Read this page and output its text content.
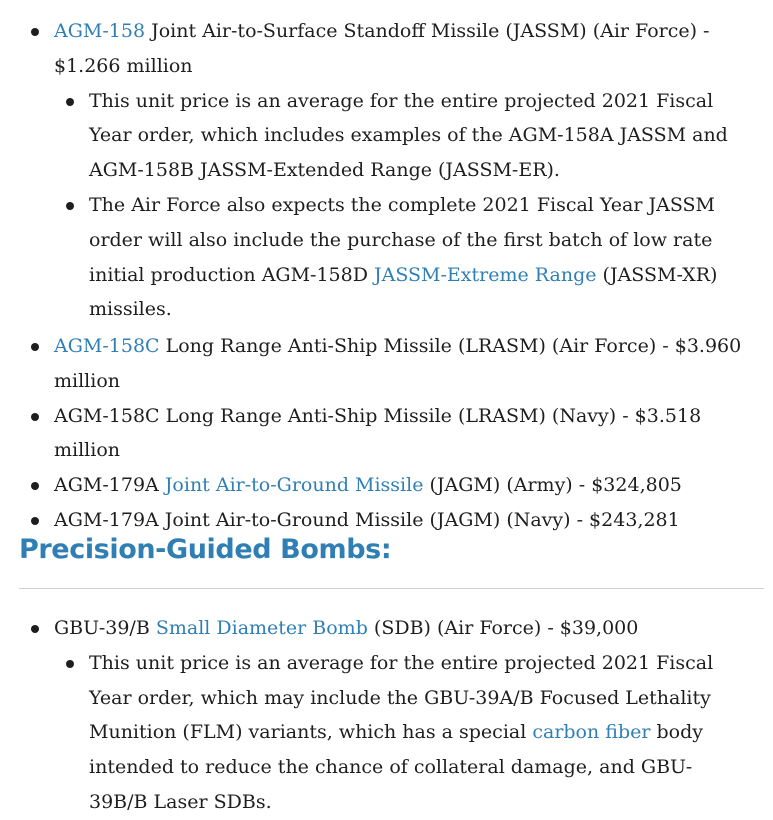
AGM-158 Joint Air-to-Surface Standoff Missile (JASSM) (Air Force) - $1.266 million
This unit price is an average for the entire projected 2021 Fiscal Year order, which includes examples of the AGM-158A JASSM and AGM-158B JASSM-Extended Range (JASSM-ER).
The Air Force also expects the complete 2021 Fiscal Year JASSM order will also include the purchase of the first batch of low rate initial production AGM-158D JASSM-Extreme Range (JASSM-XR) missiles.
AGM-158C Long Range Anti-Ship Missile (LRASM) (Air Force) - $3.960 million
AGM-158C Long Range Anti-Ship Missile (LRASM) (Navy) - $3.518 million
AGM-179A Joint Air-to-Ground Missile (JAGM) (Army) - $324,805
AGM-179A Joint Air-to-Ground Missile (JAGM) (Navy) - $243,281
Precision-Guided Bombs:
GBU-39/B Small Diameter Bomb (SDB) (Air Force) - $39,000
This unit price is an average for the entire projected 2021 Fiscal Year order, which may include the GBU-39A/B Focused Lethality Munition (FLM) variants, which has a special carbon fiber body intended to reduce the chance of collateral damage, and GBU-39B/B Laser SDBs.
